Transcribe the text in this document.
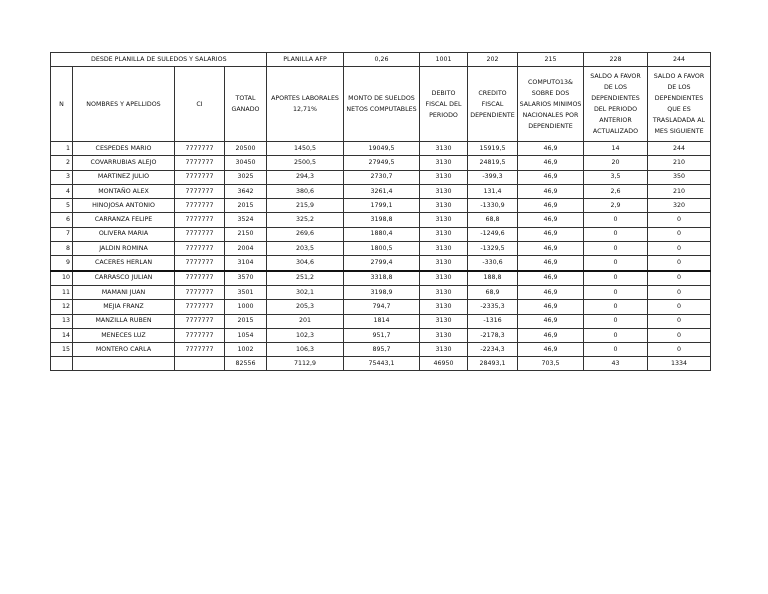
DESDE PLANILLA DE SULEDOS Y SALARIOS				PLANILLA AFP	0,26	1001	202	215	228	244
N	NOMBRES Y APELLIDOS	CI	TOTAL GANADO	APORTES LABORALES 12,71%	MONTO DE SUELDOS NETOS COMPUTABLES	DEBITO FISCAL DEL PERIODO	CREDITO FISCAL DEPENDIENTE	COMPUTO13& SOBRE DOS SALARIOS MINIMOS NACIONALES POR DEPENDIENTE	SALDO A FAVOR DE LOS DEPENDIENTES DEL PERIODO ANTERIOR ACTUALIZADO	SALDO A FAVOR DE LOS DEPENDIENTES QUE ES TRASLADADA AL MES SIGUIENTE
1	CESPEDES MARIO	7777777	20500	1450,5	19049,5	3130	15919,5	46,9	14	244
2	COVARRUBIAS ALEJO	7777777	30450	2500,5	27949,5	3130	24819,5	46,9	20	210
3	MARTINEZ JULIO	7777777	3025	294,3	2730,7	3130	-399,3	46,9	3,5	350
4	MONTAÑO ALEX	7777777	3642	380,6	3261,4	3130	131,4	46,9	2,6	210
5	HINOJOSA ANTONIO	7777777	2015	215,9	1799,1	3130	-1330,9	46,9	2,9	320
6	CARRANZA FELIPE	7777777	3524	325,2	3198,8	3130	68,8	46,9	0	0
7	OLIVERA MARIA	7777777	2150	269,6	1880,4	3130	-1249,6	46,9	0	0
8	JALDIN ROMINA	7777777	2004	203,5	1800,5	3130	-1329,5	46,9	0	0
9	CACERES HERLAN	7777777	3104	304,6	2799,4	3130	-330,6	46,9	0	0
10	CARRASCO JULIAN	7777777	3570	251,2	3318,8	3130	188,8	46,9	0	0
11	MAMANI JUAN	7777777	3501	302,1	3198,9	3130	68,9	46,9	0	0
12	MEJIA FRANZ	7777777	1000	205,3	794,7	3130	-2335,3	46,9	0	0
13	MANZILLA RUBEN	7777777	2015	201	1814	3130	-1316	46,9	0	0
14	MENECES LUZ	7777777	1054	102,3	951,7	3130	-2178,3	46,9	0	0
15	MONTERO CARLA	7777777	1002	106,3	895,7	3130	-2234,3	46,9	0	0
			82556	7112,9	75443,1	46950	28493,1	703,5	43	1334
